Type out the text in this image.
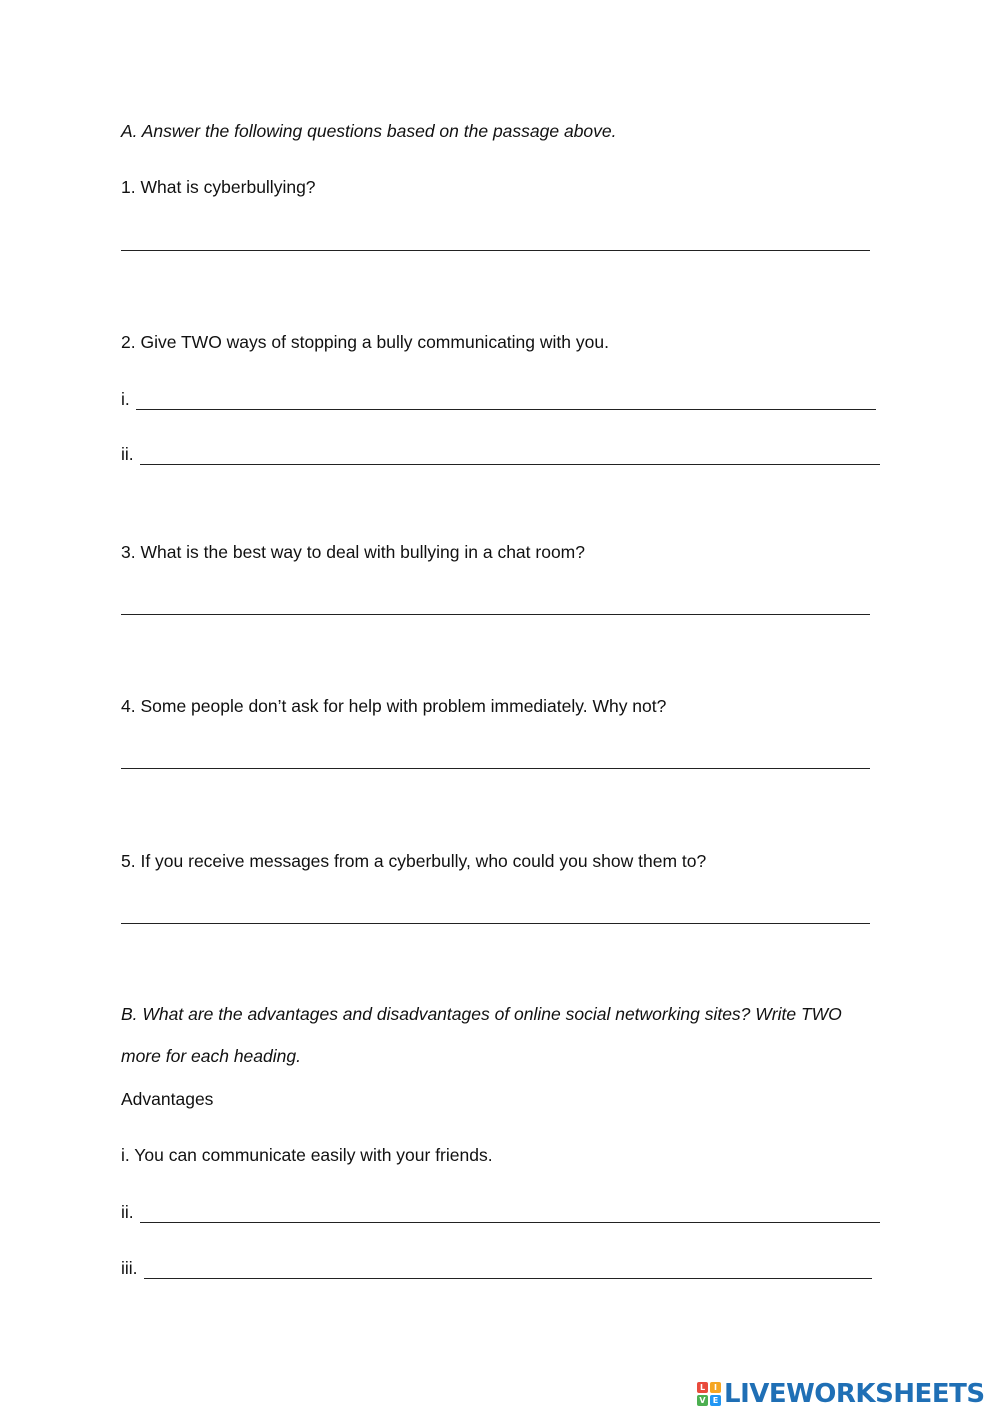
A. Answer the following questions based on the passage above.
1. What is cyberbullying?
2. Give TWO ways of stopping a bully communicating with you.
i.
ii.
3. What is the best way to deal with bullying in a chat room?
4. Some people don’t ask for help with problem immediately. Why not?
5. If you receive messages from a cyberbully, who could you show them to?
B. What are the advantages and disadvantages of online social networking sites? Write TWO
more for each heading.
Advantages
i. You can communicate easily with your friends.
ii.
iii.
L	I
V E LIVEWORKSHEETS
